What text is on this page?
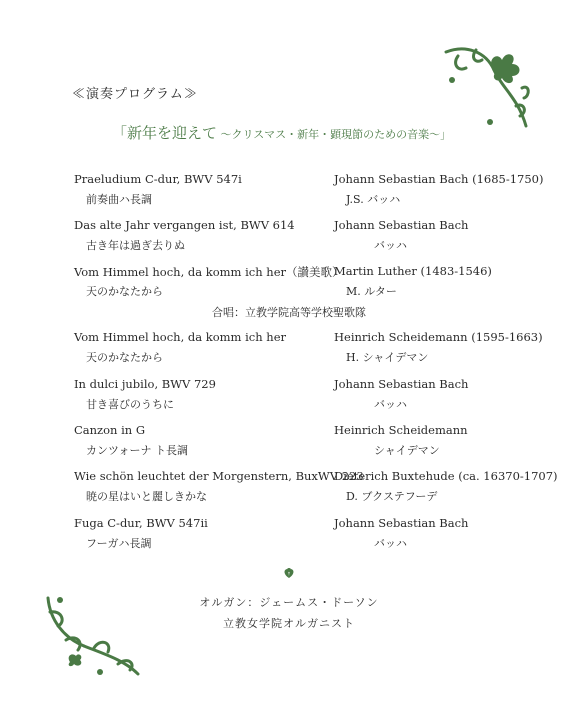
≪演奏プログラム≫
「新年を迎えて ～クリスマス・新年・顕現節のための音楽～」
Praeludium C-dur, BWV 547i
前奏曲ハ長調
Johann Sebastian Bach (1685-1750)
J.S. バッハ
Das alte Jahr vergangen ist, BWV 614
古き年は過ぎ去りぬ
Johann Sebastian Bach
バッハ
Vom Himmel hoch, da komm ich her（讃美歌）
天のかなたから
Martin Luther (1483-1546)
M. ルター
合唱：立教学院高等学校聖歌隊
Vom Himmel hoch, da komm ich her
天のかなたから
Heinrich Scheidemann (1595-1663)
H. シャイデマン
In dulci jubilo, BWV 729
甘き喜びのうちに
Johann Sebastian Bach
バッハ
Canzon in G
カンツォーナ ト長調
Heinrich Scheidemann
シャイデマン
Wie schön leuchtet der Morgenstern, BuxWV 223
暁の星はいと麗しきかな
Dieterich Buxtehude (ca. 16370-1707)
D. ブクステフーデ
Fuga C-dur, BWV 547ii
フーガハ長調
Johann Sebastian Bach
バッハ
オルガン：ジェームス・ドーソン
立教女学院オルガニスト
